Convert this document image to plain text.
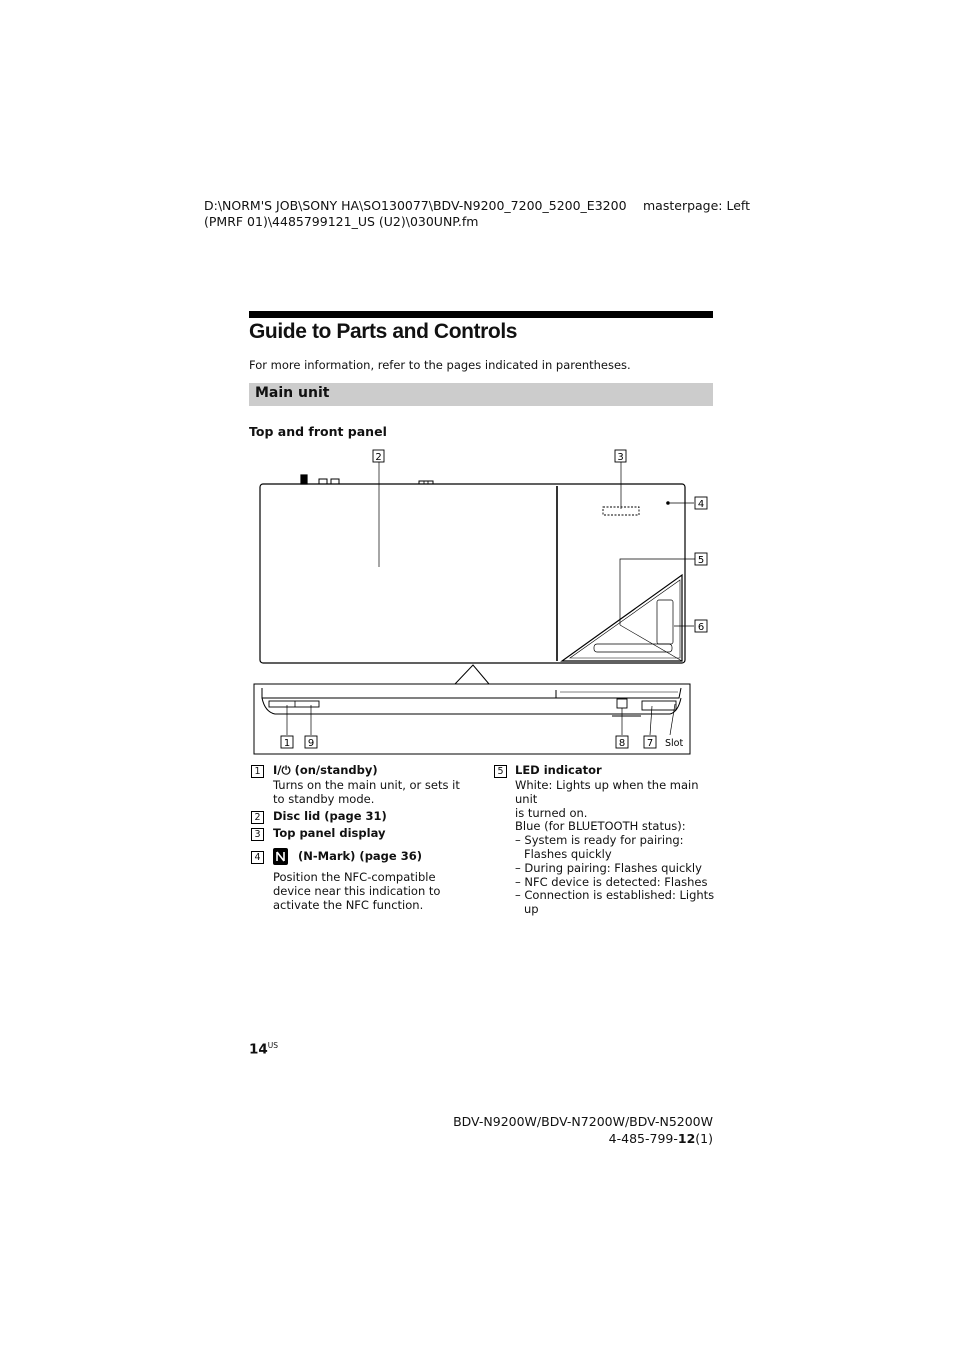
D:\NORM'S JOB\SONY HA\SO130077\BDV-N9200_7200_5200_E3200
(PMRF 01)\4485799121_US (U2)\030UNP.fm
masterpage: Left
Guide to Parts and Controls
For more information, refer to the pages indicated in parentheses.
Main unit
Top and front panel
2	3
4
5
6
1 9	8 7 Slot
1 I/⏻ (on/standby)
Turns on the main unit, or sets it to standby mode.
2 Disc lid (page 31)
3 Top panel display
4	(N-Mark) (page 36)
Position the NFC-compatible device near this indication to activate the NFC function.
5 LED indicator
White: Lights up when the main unit
is turned on.
Blue (for BLUETOOTH status):
– System is ready for pairing:
Flashes quickly
– During pairing: Flashes quickly
– NFC device is detected: Flashes
– Connection is established: Lights
up
$14^{US}$
BDV-N9200W/BDV-N7200W/BDV-N5200W
4-485-799-12(1)
